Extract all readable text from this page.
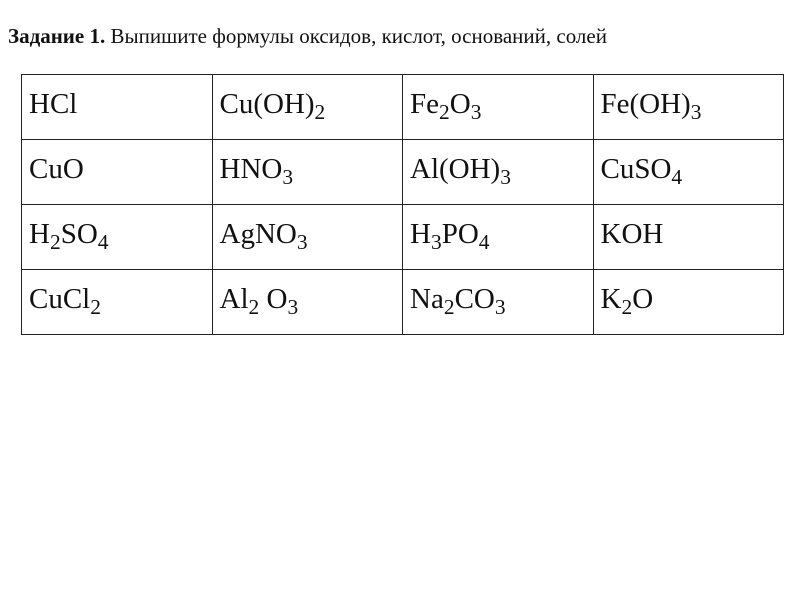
Задание 1. Выпишите формулы оксидов, кислот, оснований, солей
HCl	$Cu(OH)_2$	$Fe_2O_3$	$Fe(OH)_3$
CuO	$HNO_3$	$Al(OH)_3$	CuSO$_4$
$H_2SO_4$	AgNO$_3$	$H_3PO_4$	KOH
CuCl$_2$	$Al_2$ $O_3$	$Na_2CO_3$	$K_2O$
